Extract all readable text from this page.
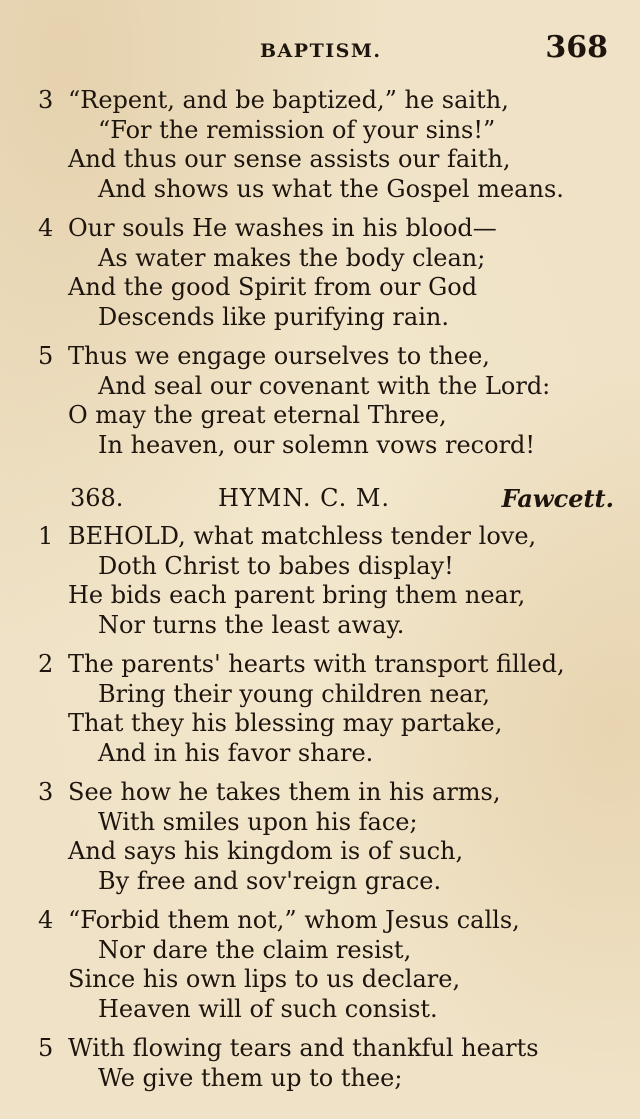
BAPTISM.	368
3 “Repent, and be baptized,” he saith,
“For the remission of your sins!”
And thus our sense assists our faith,
And shows us what the Gospel means.
4 Our souls He washes in his blood—
As water makes the body clean;
And the good Spirit from our God
Descends like purifying rain.
5 Thus we engage ourselves to thee,
And seal our covenant with the Lord:
O may the great eternal Three,
In heaven, our solemn vows record!
368.	HYMN. C. M.	Fawcett.
1 BEHOLD, what matchless tender love,
Doth Christ to babes display!
He bids each parent bring them near,
Nor turns the least away.
2 The parents' hearts with transport filled,
Bring their young children near,
That they his blessing may partake,
And in his favor share.
3 See how he takes them in his arms,
With smiles upon his face;
And says his kingdom is of such,
By free and sov'reign grace.
4 “Forbid them not,” whom Jesus calls,
Nor dare the claim resist,
Since his own lips to us declare,
Heaven will of such consist.
5 With flowing tears and thankful hearts
We give them up to thee;
